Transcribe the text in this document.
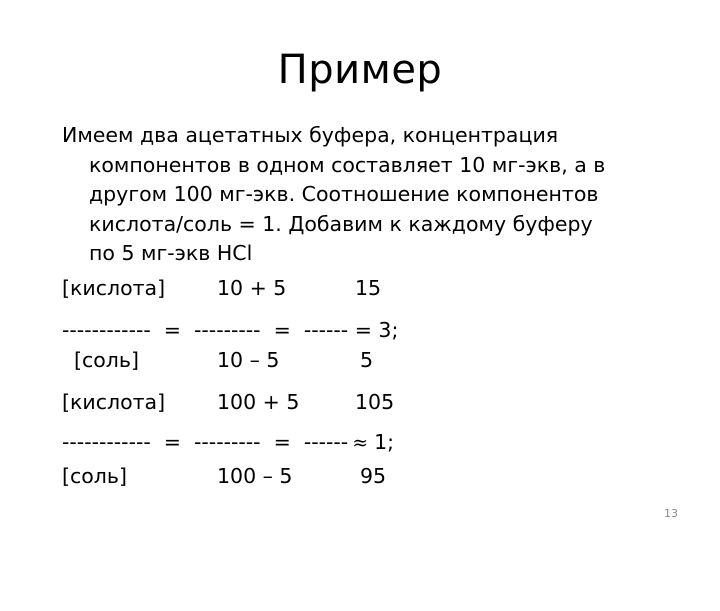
Пример
Имеем два ацетатных буфера, концентрация
компонентов в одном составляет 10 мг-экв, а в
другом 100 мг-экв. Соотношение компонентов
кислота/соль = 1. Добавим к каждому буферу
по 5 мг-экв HCl

[кислота]

	10 + 5

	15

------------  =  ---------  =  ------ = 3;

[соль]

	10 – 5

	5

[кислота]

	100 + 5

	105

------------  =  ---------  =  ------ ≈ 1;

[соль]

	100 – 5

	95

13
